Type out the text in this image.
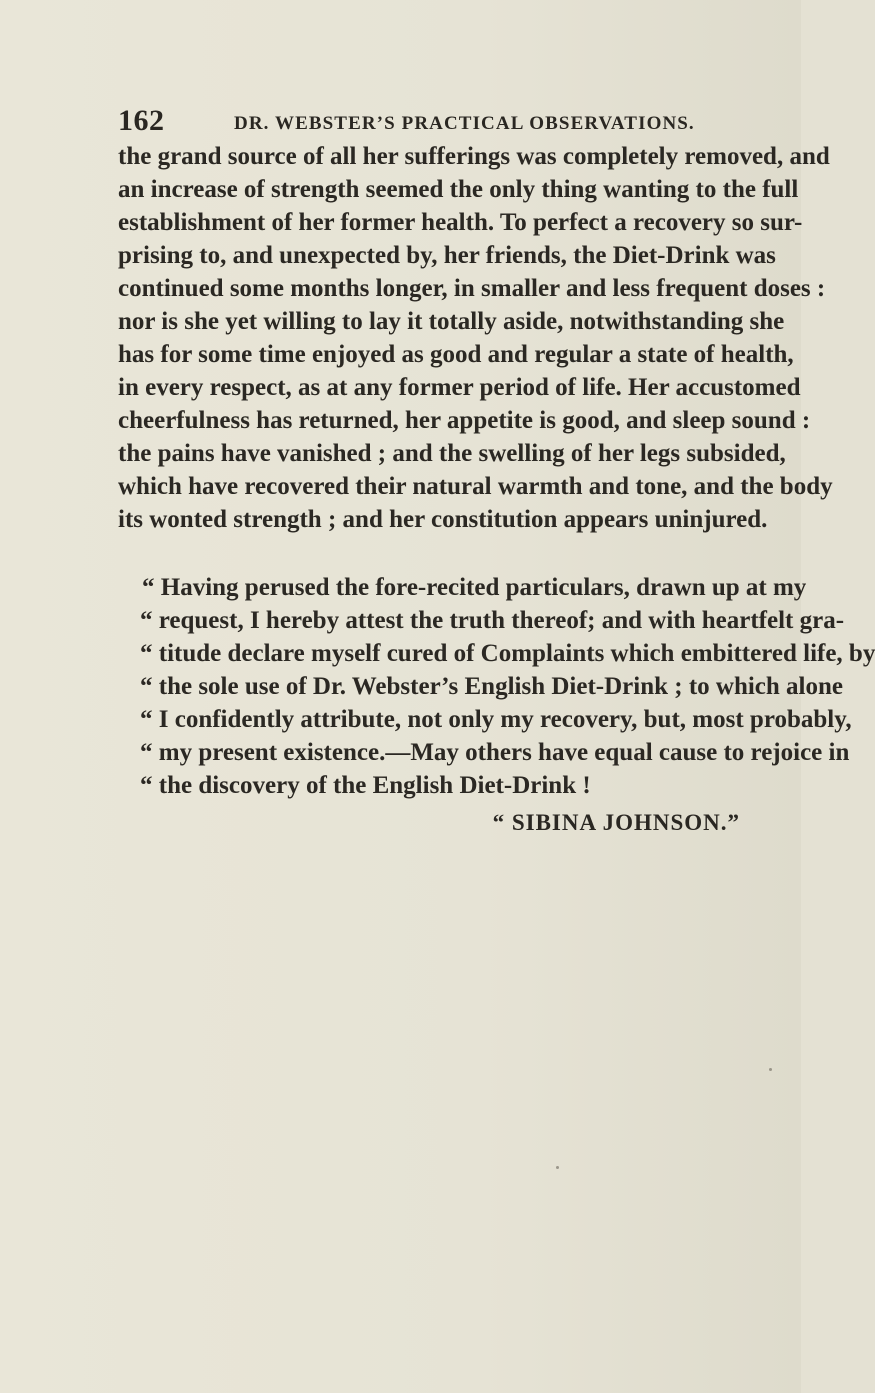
162	DR. WEBSTER’S PRACTICAL OBSERVATIONS.
the grand source of all her sufferings was completely removed, and
an increase of strength seemed the only thing wanting to the full
establishment of her former health. To perfect a recovery so sur-
prising to, and unexpected by, her friends, the Diet-Drink was
continued some months longer, in smaller and less frequent doses :
nor is she yet willing to lay it totally aside, notwithstanding she
has for some time enjoyed as good and regular a state of health,
in every respect, as at any former period of life. Her accustomed
cheerfulness has returned, her appetite is good, and sleep sound :
the pains have vanished ; and the swelling of her legs subsided,
which have recovered their natural warmth and tone, and the body
its wonted strength ; and her constitution appears uninjured.
“ Having perused the fore-recited particulars, drawn up at my
“ request, I hereby attest the truth thereof; and with heartfelt gra-
“ titude declare myself cured of Complaints which embittered life, by
“ the sole use of Dr. Webster’s English Diet-Drink ; to which alone
“ I confidently attribute, not only my recovery, but, most probably,
“ my present existence.—May others have equal cause to rejoice in
“ the discovery of the English Diet-Drink !
“ SIBINA JOHNSON.”
